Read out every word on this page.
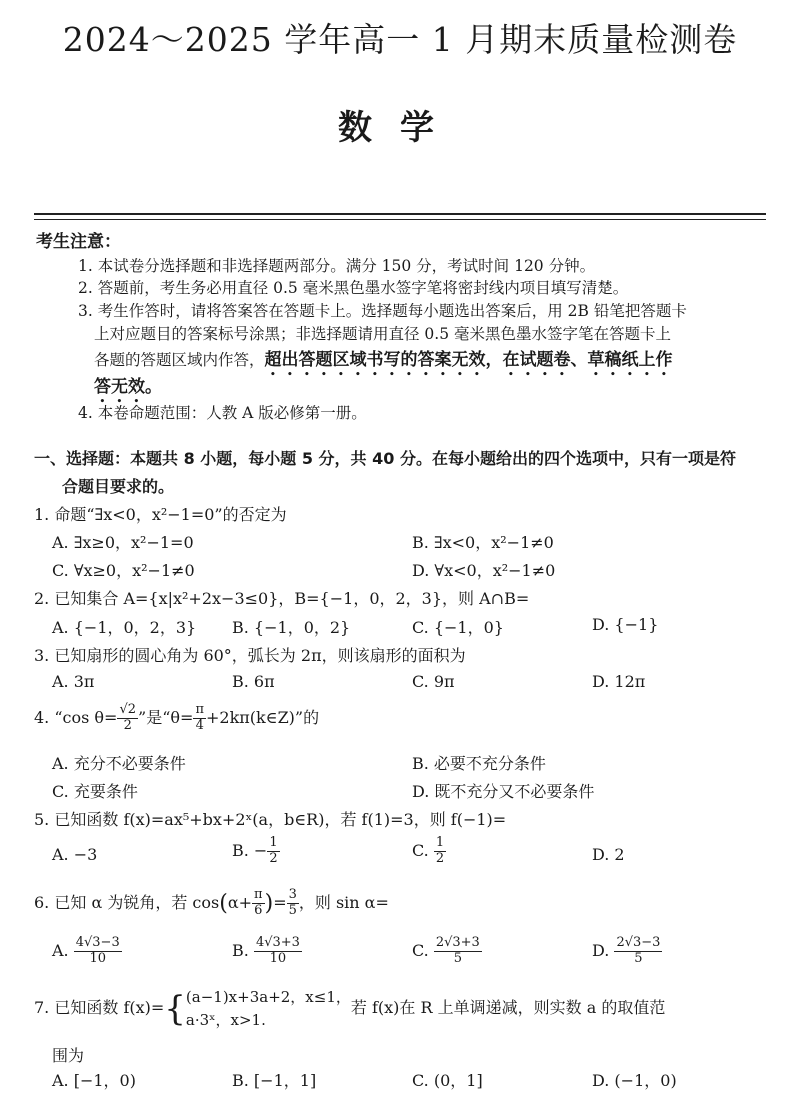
2024～2025 学年高一 1 月期末质量检测卷
数学
考生注意：
1. 本试卷分选择题和非选择题两部分。满分 150 分，考试时间 120 分钟。
2. 答题前，考生务必用直径 0.5 毫米黑色墨水签字笔将密封线内项目填写清楚。
3. 考生作答时，请将答案答在答题卡上。选择题每小题选出答案后，用 2B 铅笔把答题卡
上对应题目的答案标号涂黑；非选择题请用直径 0.5 毫米黑色墨水签字笔在答题卡上
各题的答题区域内作答，超出答题区域书写的答案无效，在试题卷、草稿纸上作
答无效。
4. 本卷命题范围：人教 A 版必修第一册。
一、选择题：本题共 8 小题，每小题 5 分，共 40 分。在每小题给出的四个选项中，只有一项是符
合题目要求的。
1. 命题“∃x<0，x²−1=0”的否定为
A. ∃x≥0，x²−1=0	B. ∃x<0，x²−1≠0
C. ∀x≥0，x²−1≠0	D. ∀x<0，x²−1≠0
2. 已知集合 A={x|x²+2x−3≤0}，B={−1，0，2，3}，则 A∩B=
A. {−1，0，2，3} B. {−1，0，2}	C. {−1，0}	D. {−1}
3. 已知扇形的圆心角为 60°，弧长为 2π，则该扇形的面积为
A. 3π	B. 6π	C. 9π	D. 12π
4. “cos $\theta= \frac{√2}{2}$ ”是“$\theta= \frac{\pi}{4}$ +2kπ(k∈Z)”的
A. 充分不必要条件	B. 必要不充分条件
C. 充要条件	D. 既不充分又不必要条件
5. 已知函数 f(x)=ax⁵+bx+2ˣ(a，b∈R)，若 f(1)=3，则 f(−1)=
A. −3	B. − $\frac{1}{2}$	C. $\frac{1}{2}$	D. 2
6. 已知 α 为锐角，若 $\cos(\alpha+ \frac{\pi}{6}$ )= $\frac{3}{5}$ ，则 sin α=
A. $\frac{4√3-3}{10}$	B. $\frac{4√3+3}{10}$	C. $\frac{2√3+3}{5}$	D. $\frac{2√3-3}{5}$
7. 已知函数 f(x)={ (a−1)x+3a+2，x≤1，
a·3ˣ，x>1.
若 f(x)在 R 上单调递减，则实数 a 的取值范
围为
A. [−1，0)	B. [−1，1]	C. (0，1]	D. (−1，0)
